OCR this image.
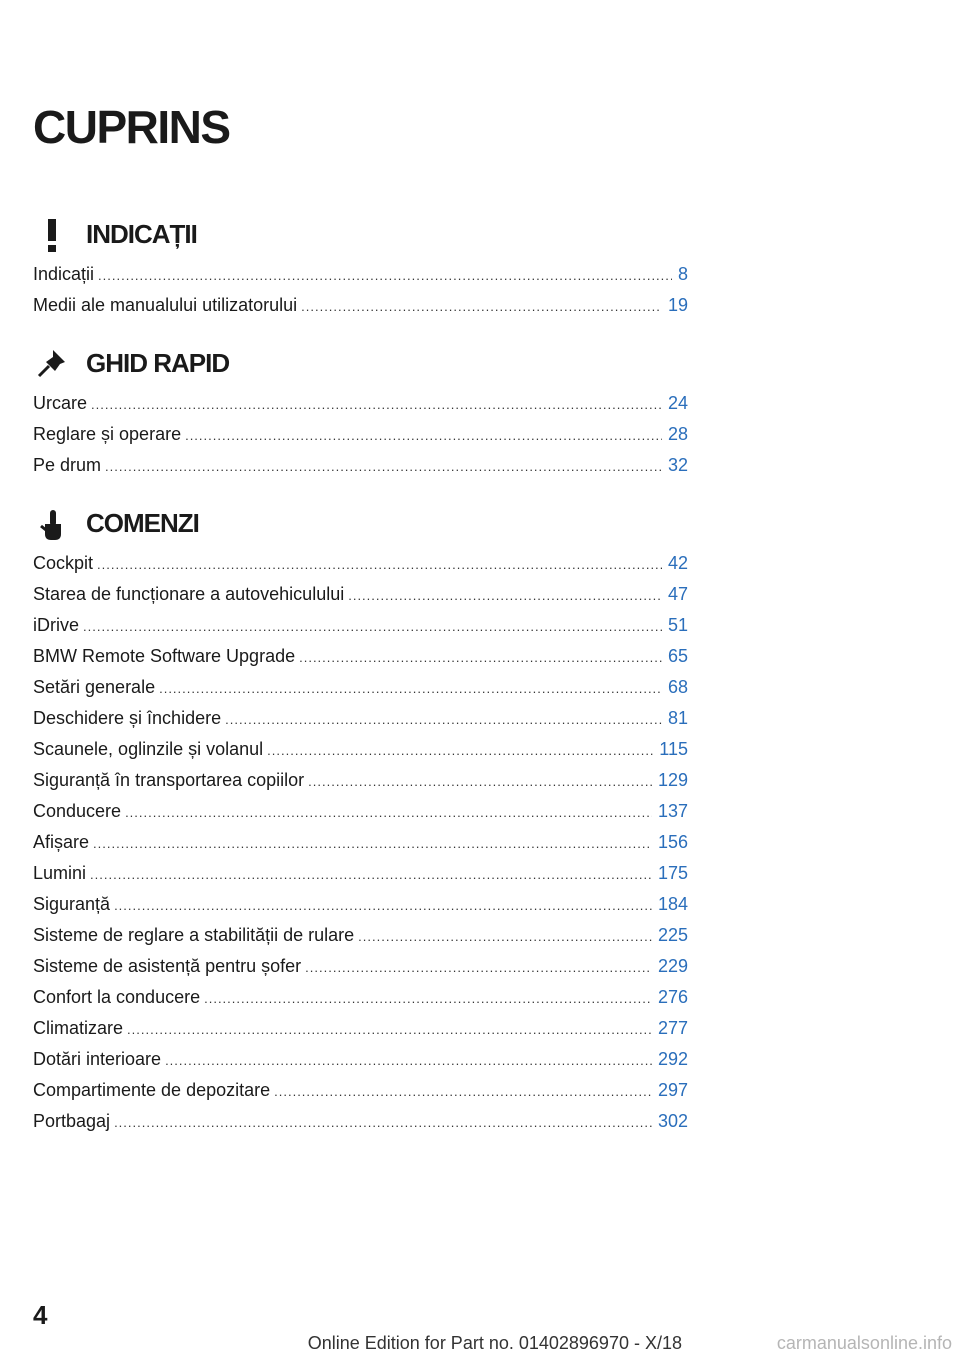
CUPRINS
INDICAȚII
Indicații .....	8
Medii ale manualului utilizatorului .....	19
GHID RAPID
Urcare .....	24
Reglare și operare .....	28
Pe drum .....	32
COMENZI
Cockpit .....	42
Starea de funcționare a autovehiculului .....	47
iDrive .....	51
BMW Remote Software Upgrade .....	65
Setări generale .....	68
Deschidere și închidere .....	81
Scaunele, oglinzile și volanul .....	115
Siguranță în transportarea copiilor .....	129
Conducere .....	137
Afișare .....	156
Lumini .....	175
Siguranță .....	184
Sisteme de reglare a stabilității de rulare .....	225
Sisteme de asistență pentru șofer .....	229
Confort la conducere .....	276
Climatizare .....	277
Dotări interioare .....	292
Compartimente de depozitare .....	297
Portbagaj .....	302
4
Online Edition for Part no. 01402896970 - X/18	carmanualsonline.info
